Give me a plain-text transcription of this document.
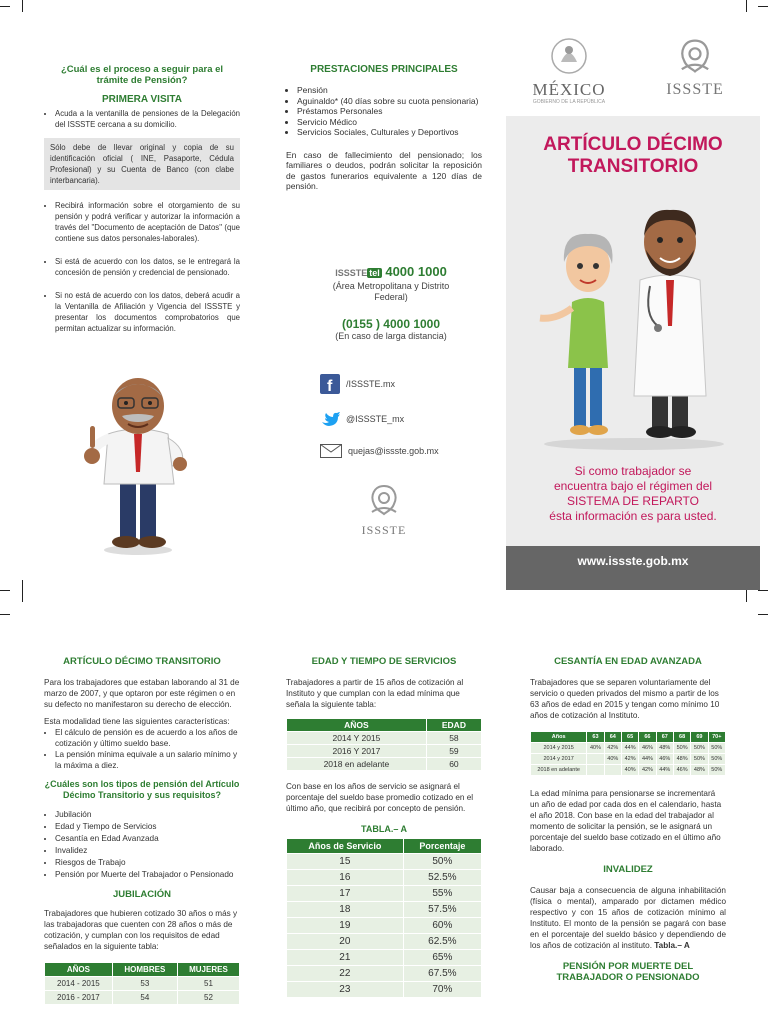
¿Cuál es el proceso a seguir para el trámite de Pensión?
PRIMERA VISITA
• Acuda a la ventanilla de pensiones de la Delegación del ISSSTE cercana a su domicilio.
Sólo debe de llevar original y copia de su identificación oficial ( INE, Pasaporte, Cédula Profesional) y su Cuenta de Banco (con clabe interbancaria).
• Recibirá información sobre el otorgamiento de su pensión y podrá verificar y autorizar la información a través del "Documento de aceptación de Datos" (que contiene sus datos personales-laborales).
• Si está de acuerdo con los datos, se le entregará la concesión de pensión y credencial de pensionado.
• Si no está de acuerdo con los datos, deberá acudir a la Ventanilla de Afiliación y Vigencia del ISSSTE y presentar los documentos comprobatorios que permitan actualizar su información.
PRESTACIONES PRINCIPALES
• Pensión
• Aguinaldo* (40 días sobre su cuota pensionaria)
• Préstamos Personales
• Servicio Médico
• Servicios Sociales, Culturales y Deportivos

En caso de fallecimiento del pensionado; los familiares o deudos, podrán solicitar la reposición de gastos funerarios equivalente a 120 días de pensión.

ISSSTE tel 4000 1000
(Área Metropolitana y Distrito Federal)
(0155 ) 4000 1000
(En caso de larga distancia)
f /ISSSTE.mx
@ISSSTE_mx
quejas@issste.gob.mx
ISSSTE
MÉXICO
GOBIERNO DE LA REPÚBLICA
ISSSTE
ARTÍCULO DÉCIMO
TRANSITORIO
Si como trabajador se
encuentra bajo el régimen del
SISTEMA DE REPARTO
ésta información es para usted.
www.issste.gob.mx
ARTÍCULO DÉCIMO TRANSITORIO

Para los trabajadores que estaban laborando al 31 de marzo de 2007, y que optaron por este régimen o en su defecto no manifestaron su derecho de elección.

Esta modalidad tiene las siguientes características:

• El cálculo de pensión es de acuerdo a los años de cotización y último sueldo base.
• La pensión mínima equivale a un salario mínimo y la máxima a diez.
¿Cuáles son los tipos de pensión del Artículo Décimo Transitorio y sus requisitos?
• Jubilación
• Edad y Tiempo de Servicios
• Cesantía en Edad Avanzada
• Invalidez
• Riesgos de Trabajo
• Pensión por Muerte del Trabajador o Pensionado
JUBILACIÓN

Trabajadores que hubieren cotizado 30 años o más y las trabajadoras que cuenten con 28 años o más de cotización, y cumplan con los requisitos de edad señalados en la siguiente tabla:

AÑOS	HOMBRES	MUJERES
2014 - 2015	53	51
2016 - 2017	54	52
EDAD Y TIEMPO DE SERVICIOS

Trabajadores a partir de 15 años de cotización al Instituto y que cumplan con la edad mínima que señala la siguiente tabla:

AÑOS	EDAD
2014 Y 2015	58
2016 Y 2017	59
2018 en adelante	60

Con base en los años de servicio se asignará el porcentaje del sueldo base promedio cotizado en el último año, que recibirá por concepto de pensión.

TABLA.– A
Años de Servicio	Porcentaje
15	50%
16	52.5%
17	55%
18	57.5%
19	60%
20	62.5%
21	65%
22	67.5%
23	70%
CESANTÍA EN EDAD AVANZADA

Trabajadores que se separen voluntariamente del servicio o queden privados del mismo a partir de los 63 años de edad en 2015 y tengan como mínimo 10 años de cotización al Instituto.

Años	63	64	65	66	67	68	69	70+
2014 y 2015	40%	42%	44%	46%	48%	50%	50%	50%
2014 y 2017		40%	42%	44%	46%	48%	50%	50%
2018 en adelante			40%	42%	44%	46%	48%	50%

La edad mínima para pensionarse se incrementará un año de edad por cada dos en el calendario, hasta el año 2018. Con base en la edad del trabajador al momento de solicitar la pensión, se le asignará un porcentaje del sueldo base cotizado en el último año laborado.

INVALIDEZ

Causar baja a consecuencia de alguna inhabilitación (física o mental), amparado por dictamen médico respectivo y con 15 años de cotización mínimo al Instituto. El monto de la pensión se pagará con base en el porcentaje del sueldo básico y dependiendo de los años de cotización al instituto. Tabla.– A

PENSIÓN POR MUERTE DEL TRABAJADOR O PENSIONADO
